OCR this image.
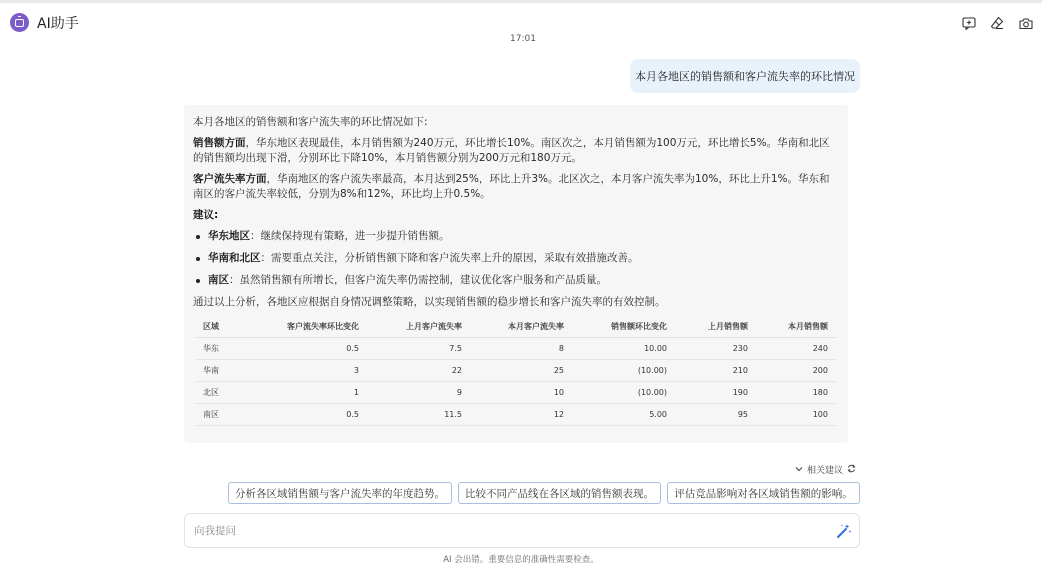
AI助手
17:01
本月各地区的销售额和客户流失率的环比情况

本月各地区的销售额和客户流失率的环比情况如下:

销售额方面，华东地区表现最佳，本月销售额为240万元，环比增长10%。南区次之，本月销售额为100万元，环比增长5%。华南和北区的销售额均出现下滑，分别环比下降10%，本月销售额分别为200万元和180万元。

客户流失率方面，华南地区的客户流失率最高，本月达到25%，环比上升3%。北区次之，本月客户流失率为10%，环比上升1%。华东和南区的客户流失率较低，分别为8%和12%，环比均上升0.5%。

建议:

华东地区：继续保持现有策略，进一步提升销售额。
华南和北区：需要重点关注，分析销售额下降和客户流失率上升的原因，采取有效措施改善。
南区：虽然销售额有所增长，但客户流失率仍需控制，建议优化客户服务和产品质量。

通过以上分析，各地区应根据自身情况调整策略，以实现销售额的稳步增长和客户流失率的有效控制。

区域	客户流失率环比变化	上月客户流失率	本月客户流失率	销售额环比变化	上月销售额	本月销售额
华东	0.5	7.5	8	10.00	230	240
华南	3	22	25	(10.00)	210	200
北区	1	9	10	(10.00)	190	180
南区	0.5	11.5	12	5.00	95	100
相关建议
分析各区域销售额与客户流失率的年度趋势。	比较不同产品线在各区域的销售额表现。	评估竞品影响对各区域销售额的影响。
向我提问
AI 会出错。重要信息的准确性需要检查。
